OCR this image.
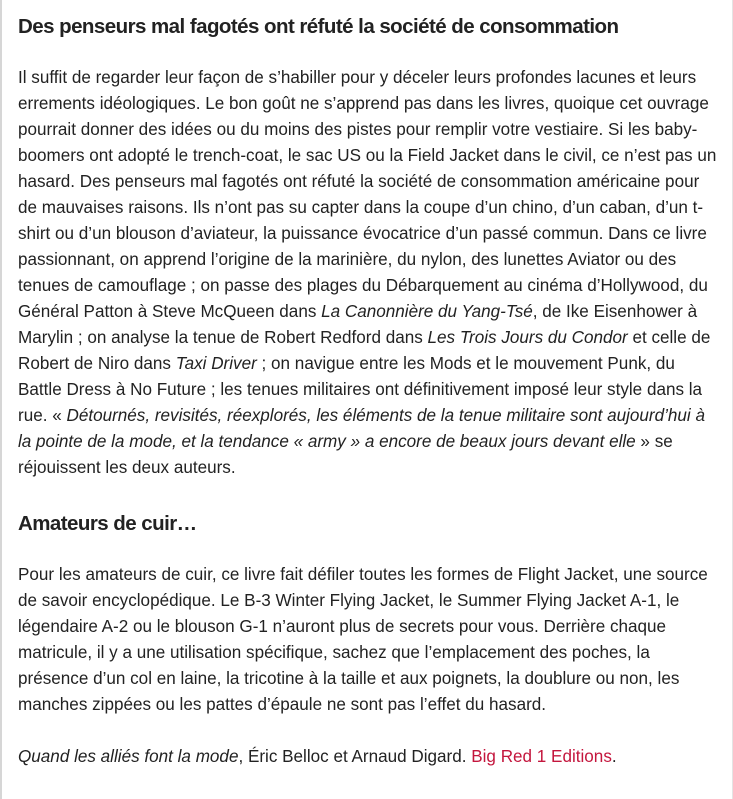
Des penseurs mal fagotés ont réfuté la société de consommation

Il suffit de regarder leur façon de s’habiller pour y déceler leurs profondes lacunes et leurs errements idéologiques. Le bon goût ne s’apprend pas dans les livres, quoique cet ouvrage pourrait donner des idées ou du moins des pistes pour remplir votre vestiaire. Si les baby-boomers ont adopté le trench-coat, le sac US ou la Field Jacket dans le civil, ce n’est pas un hasard. Des penseurs mal fagotés ont réfuté la société de consommation américaine pour de mauvaises raisons. Ils n’ont pas su capter dans la coupe d’un chino, d’un caban, d’un t-shirt ou d’un blouson d’aviateur, la puissance évocatrice d’un passé commun. Dans ce livre passionnant, on apprend l’origine de la marinière, du nylon, des lunettes Aviator ou des tenues de camouflage ; on passe des plages du Débarquement au cinéma d’Hollywood, du Général Patton à Steve McQueen dans La Canonnière du Yang-Tsé, de Ike Eisenhower à Marylin ; on analyse la tenue de Robert Redford dans Les Trois Jours du Condor et celle de Robert de Niro dans Taxi Driver ; on navigue entre les Mods et le mouvement Punk, du Battle Dress à No Future ; les tenues militaires ont définitivement imposé leur style dans la rue. « Détournés, revisités, réexplorés, les éléments de la tenue militaire sont aujourd’hui à la pointe de la mode, et la tendance « army » a encore de beaux jours devant elle » se réjouissent les deux auteurs.

Amateurs de cuir…

Pour les amateurs de cuir, ce livre fait défiler toutes les formes de Flight Jacket, une source de savoir encyclopédique. Le B-3 Winter Flying Jacket, le Summer Flying Jacket A-1, le légendaire A-2 ou le blouson G-1 n’auront plus de secrets pour vous. Derrière chaque matricule, il y a une utilisation spécifique, sachez que l’emplacement des poches, la présence d’un col en laine, la tricotine à la taille et aux poignets, la doublure ou non, les manches zippées ou les pattes d’épaule ne sont pas l’effet du hasard.

Quand les alliés font la mode, Éric Belloc et Arnaud Digard. Big Red 1 Editions.
